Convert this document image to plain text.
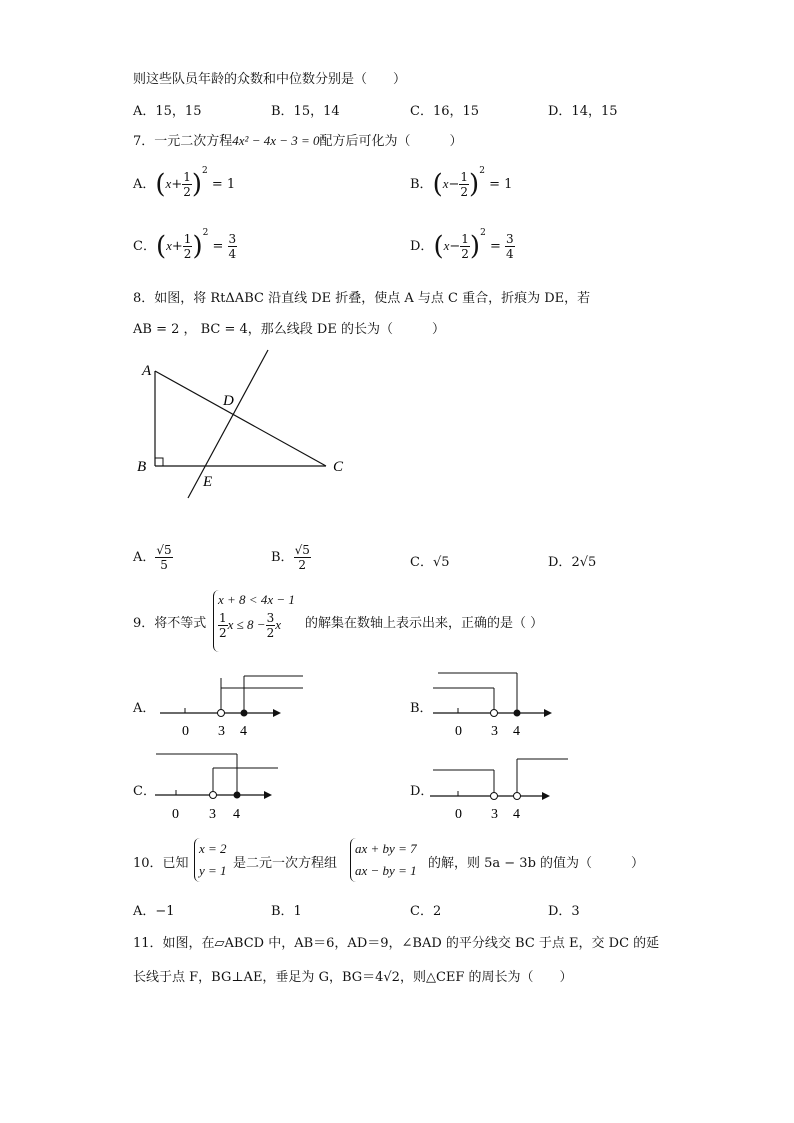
则这些队员年龄的众数和中位数分别是（　　）
A．15，15	B．15，14	C．16，15	D．14，15
7．一元二次方程4x² − 4x − 3 = 0配方后可化为（　　　）
A．$(x+ \frac{1}{2} )^2 = 1$	B．$(x- \frac{1}{2} )^2 = 1$
C．$(x+ \frac{1}{2} )^2 = \frac{3}{4}$	D．$(x- \frac{1}{2} )^2 = \frac{3}{4}$
8．如图，将 RtΔABC 沿直线 DE 折叠，使点 A 与点 C 重合，折痕为 DE，若
AB = 2 ， BC = 4，那么线段 DE 的长为（　　　）
A
B	C
D
E
A． $\frac{√5}{5}$	B． $\frac{√5}{2}$	C．√5	D．2√5
9．将不等式
x + 8 < 4x − 1

$\frac{1}{2}$ $x \le 8 - \frac{3}{2}$ x	的解集在数轴上表示出来，正确的是（ ）
A．
0 3 4
B．
0 3 4
C．
0 3 4
D．
0 3 4
10．已知
x = 2
y = 1 是二元一次方程组
ax + by = 7
ax − by = 1 的解，则 5a − 3b 的值为（　　　）
A．−1	B．1	C．2	D．3
11．如图，在▱ABCD 中，AB＝6，AD＝9，∠BAD 的平分线交 BC 于点 E，交 DC 的延
长线于点 F，BG⊥AE，垂足为 G，BG＝4√2，则△CEF 的周长为（　　）
